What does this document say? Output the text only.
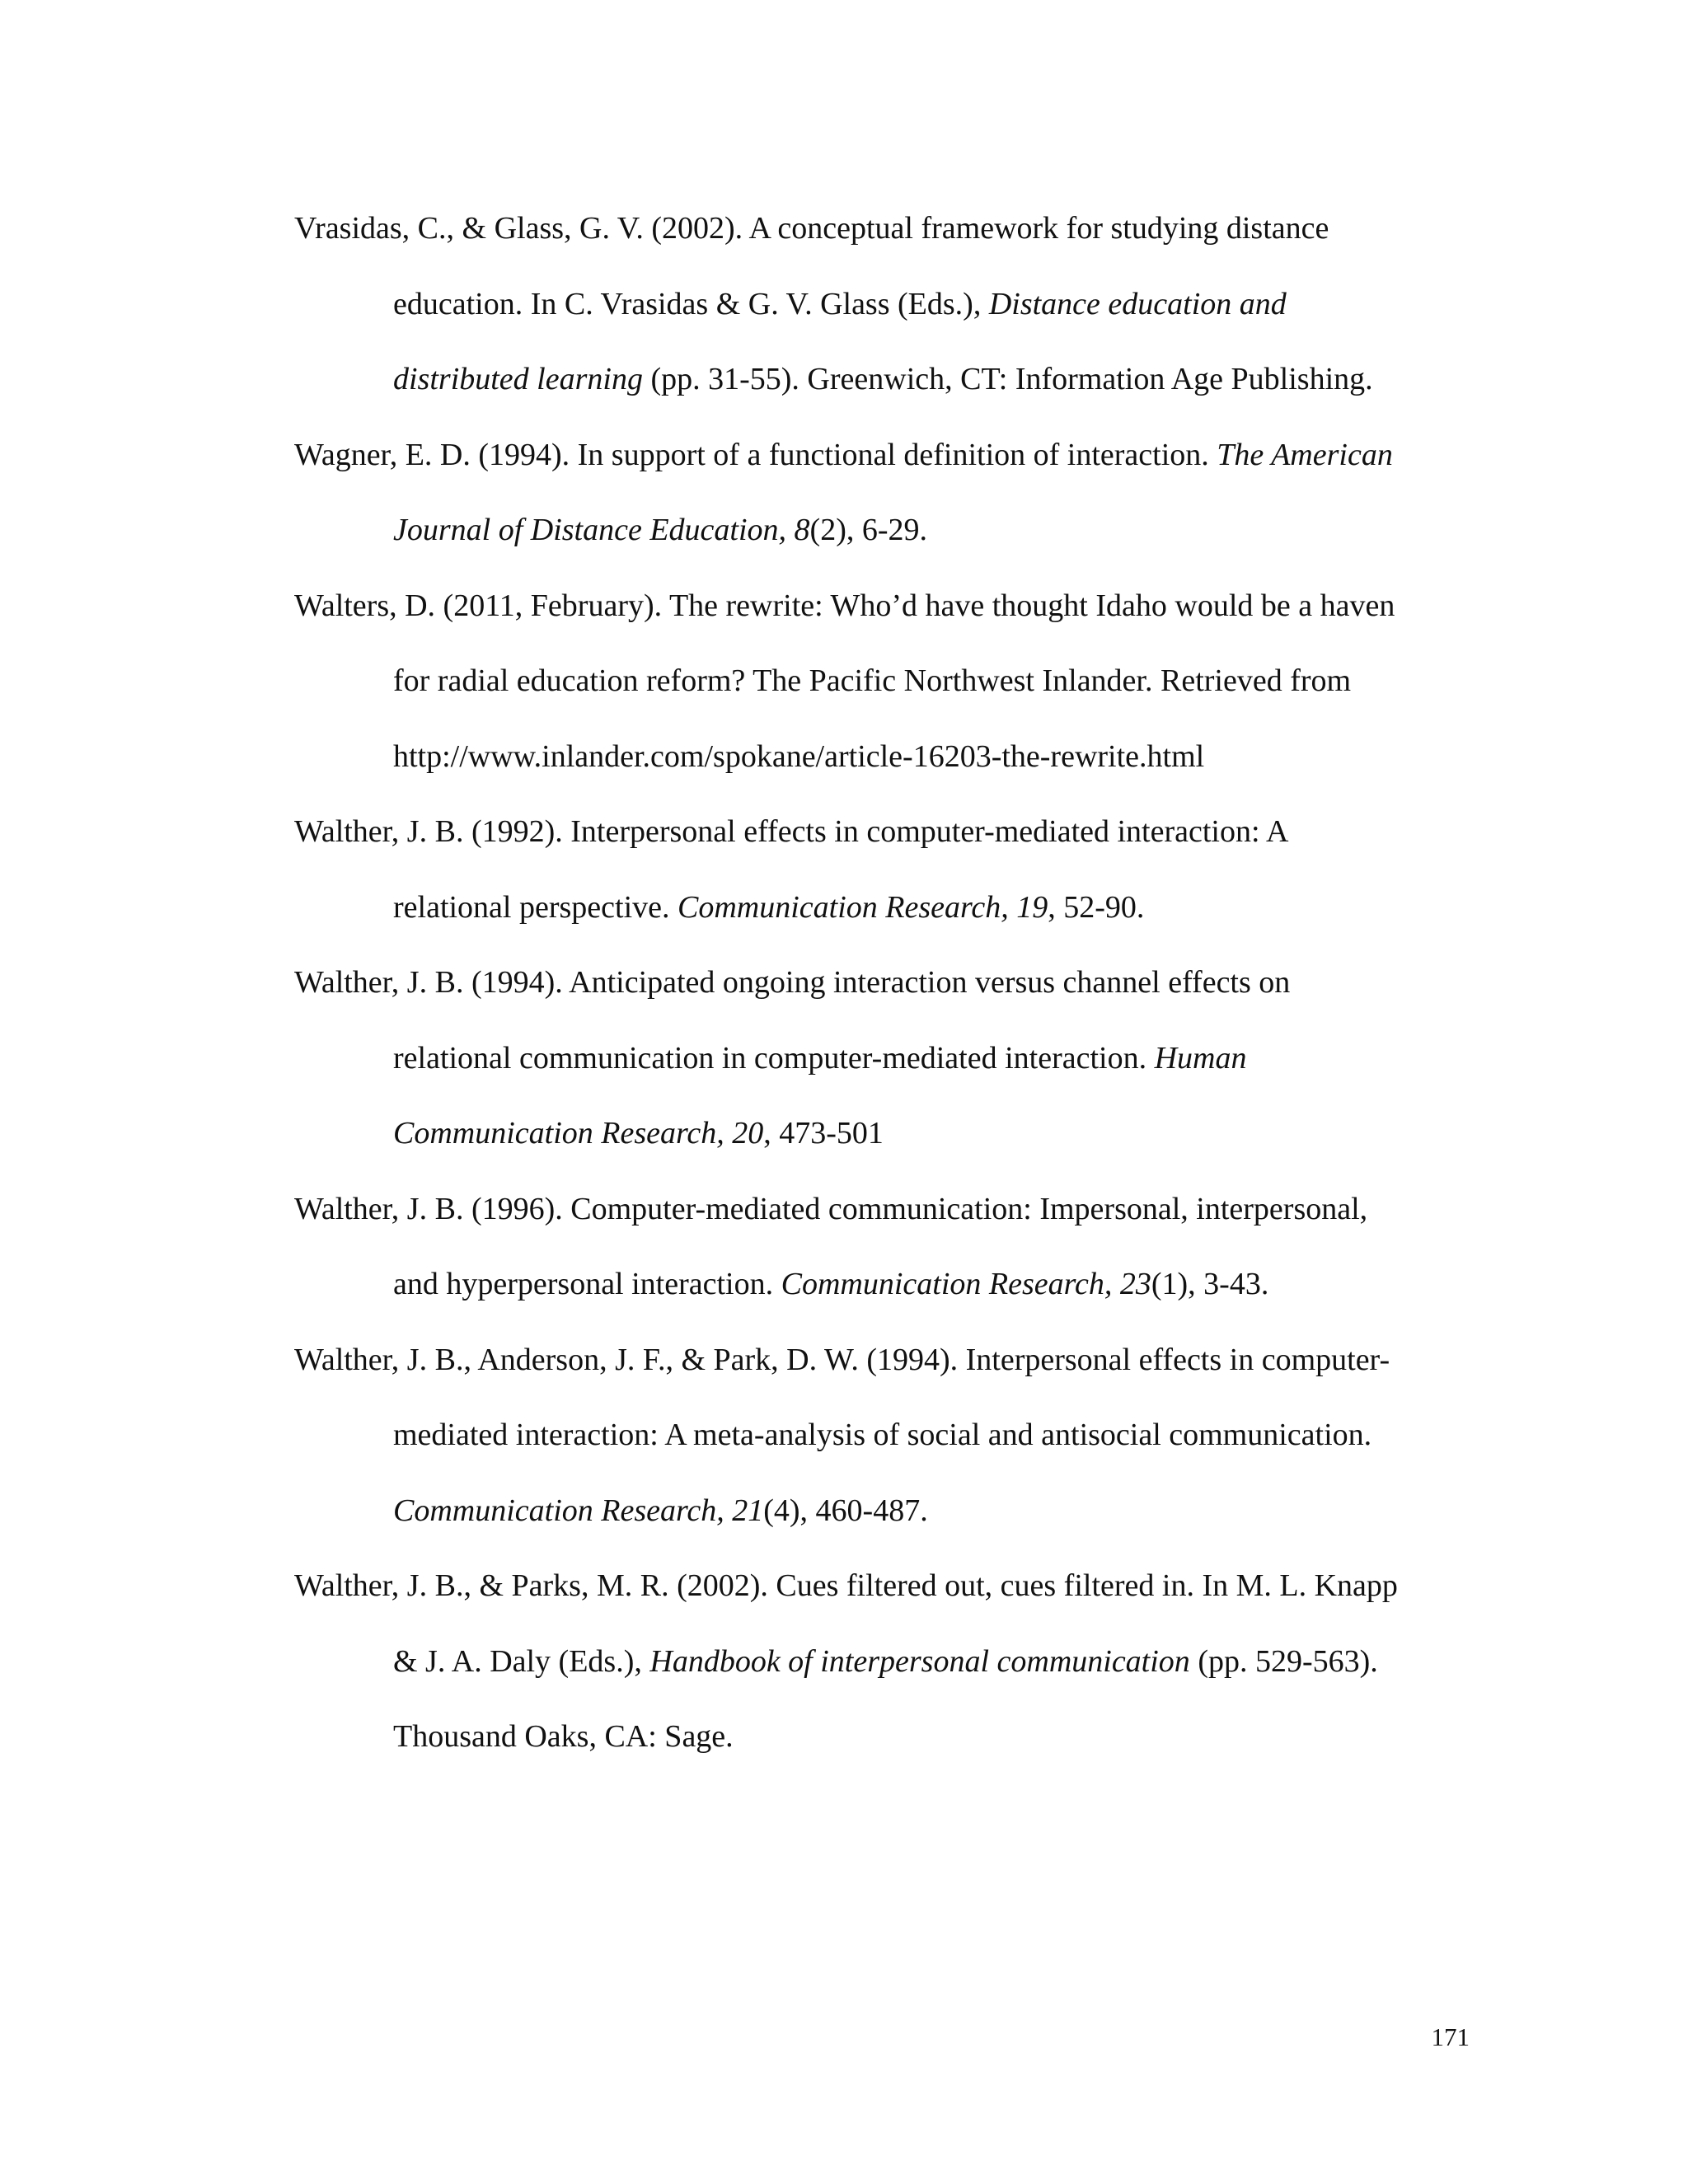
Vrasidas, C., & Glass, G. V. (2002). A conceptual framework for studying distance
education. In C. Vrasidas & G. V. Glass (Eds.), Distance education and
distributed learning (pp. 31-55). Greenwich, CT: Information Age Publishing.

Wagner, E. D. (1994). In support of a functional definition of interaction. The American
Journal of Distance Education, 8(2), 6-29.

Walters, D. (2011, February). The rewrite: Who’d have thought Idaho would be a haven
for radial education reform? The Pacific Northwest Inlander. Retrieved from
http://www.inlander.com/spokane/article-16203-the-rewrite.html

Walther, J. B. (1992). Interpersonal effects in computer-mediated interaction: A
relational perspective. Communication Research, 19, 52-90.

Walther, J. B. (1994). Anticipated ongoing interaction versus channel effects on
relational communication in computer-mediated interaction. Human
Communication Research, 20, 473-501

Walther, J. B. (1996). Computer-mediated communication: Impersonal, interpersonal,
and hyperpersonal interaction. Communication Research, 23(1), 3-43.

Walther, J. B., Anderson, J. F., & Park, D. W. (1994). Interpersonal effects in computer-
mediated interaction: A meta-analysis of social and antisocial communication.
Communication Research, 21(4), 460-487.

Walther, J. B., & Parks, M. R. (2002). Cues filtered out, cues filtered in. In M. L. Knapp
& J. A. Daly (Eds.), Handbook of interpersonal communication (pp. 529-563).
Thousand Oaks, CA: Sage.

171
